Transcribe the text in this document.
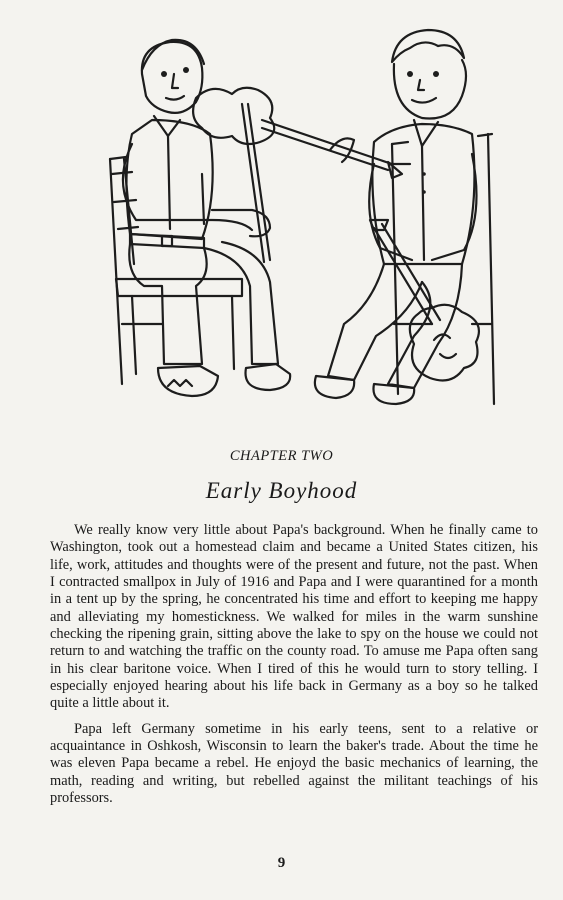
CHAPTER TWO
Early Boyhood

We really know very little about Papa's background. When he finally came to Washington, took out a homestead claim and became a United States citizen, his life, work, attitudes and thoughts were of the present and future, not the past. When I contracted smallpox in July of 1916 and Papa and I were quarantined for a month in a tent up by the spring, he concentrated his time and effort to keeping me happy and alleviating my homestickness. We walked for miles in the warm sunshine checking the ripening grain, sitting above the lake to spy on the house we could not return to and watching the traffic on the county road. To amuse me Papa often sang in his clear baritone voice. When I tired of this he would turn to story telling. I especially enjoyed hearing about his life back in Germany as a boy so he talked quite a little about it.

Papa left Germany sometime in his early teens, sent to a relative or acquaintance in Oshkosh, Wisconsin to learn the baker's trade. About the time he was eleven Papa became a rebel. He enjoyd the basic mechanics of learning, the math, reading and writing, but rebelled against the militant teachings of his professors.

9
